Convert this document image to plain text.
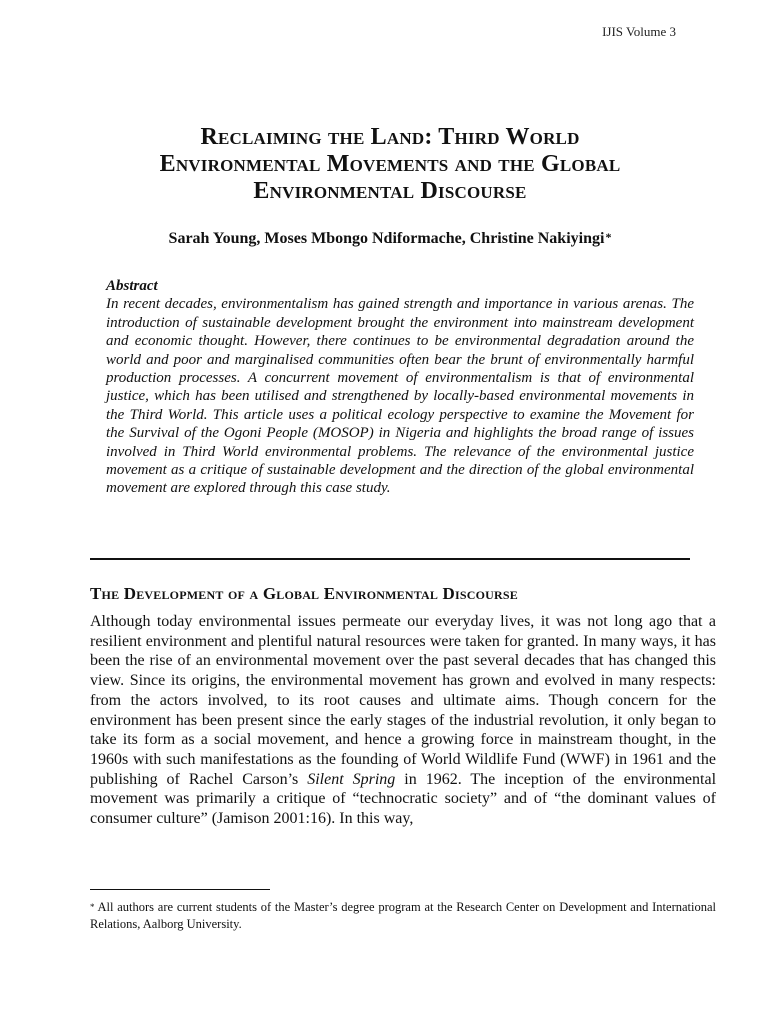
IJIS Volume 3
Reclaiming the Land: Third World
Environmental Movements and the Global
Environmental Discourse
Sarah Young, Moses Mbongo Ndiformache, Christine Nakiyingi*
Abstract
In recent decades, environmentalism has gained strength and importance in various arenas. The introduction of sustainable development brought the environment into mainstream development and economic thought. However, there continues to be environmental degradation around the world and poor and marginalised communities often bear the brunt of environmentally harmful production processes. A concurrent movement of environmentalism is that of environmental justice, which has been utilised and strengthened by locally-based environmental movements in the Third World. This article uses a political ecology perspective to examine the Movement for the Survival of the Ogoni People (MOSOP) in Nigeria and highlights the broad range of issues involved in Third World environmental problems. The relevance of the environmental justice movement as a critique of sustainable development and the direction of the global environmental movement are explored through this case study.
The Development of a Global Environmental Discourse
Although today environmental issues permeate our everyday lives, it was not long ago that a resilient environment and plentiful natural resources were taken for granted. In many ways, it has been the rise of an environmental movement over the past several decades that has changed this view. Since its origins, the environmental movement has grown and evolved in many respects: from the actors involved, to its root causes and ultimate aims. Though concern for the environment has been present since the early stages of the industrial revolution, it only began to take its form as a social movement, and hence a growing force in mainstream thought, in the 1960s with such manifestations as the founding of World Wildlife Fund (WWF) in 1961 and the publishing of Rachel Carson’s Silent Spring in 1962. The inception of the environmental movement was primarily a critique of “technocratic society” and of “the dominant values of consumer culture” (Jamison 2001:16). In this way,
* All authors are current students of the Master’s degree program at the Research Center on Development and International Relations, Aalborg University.
